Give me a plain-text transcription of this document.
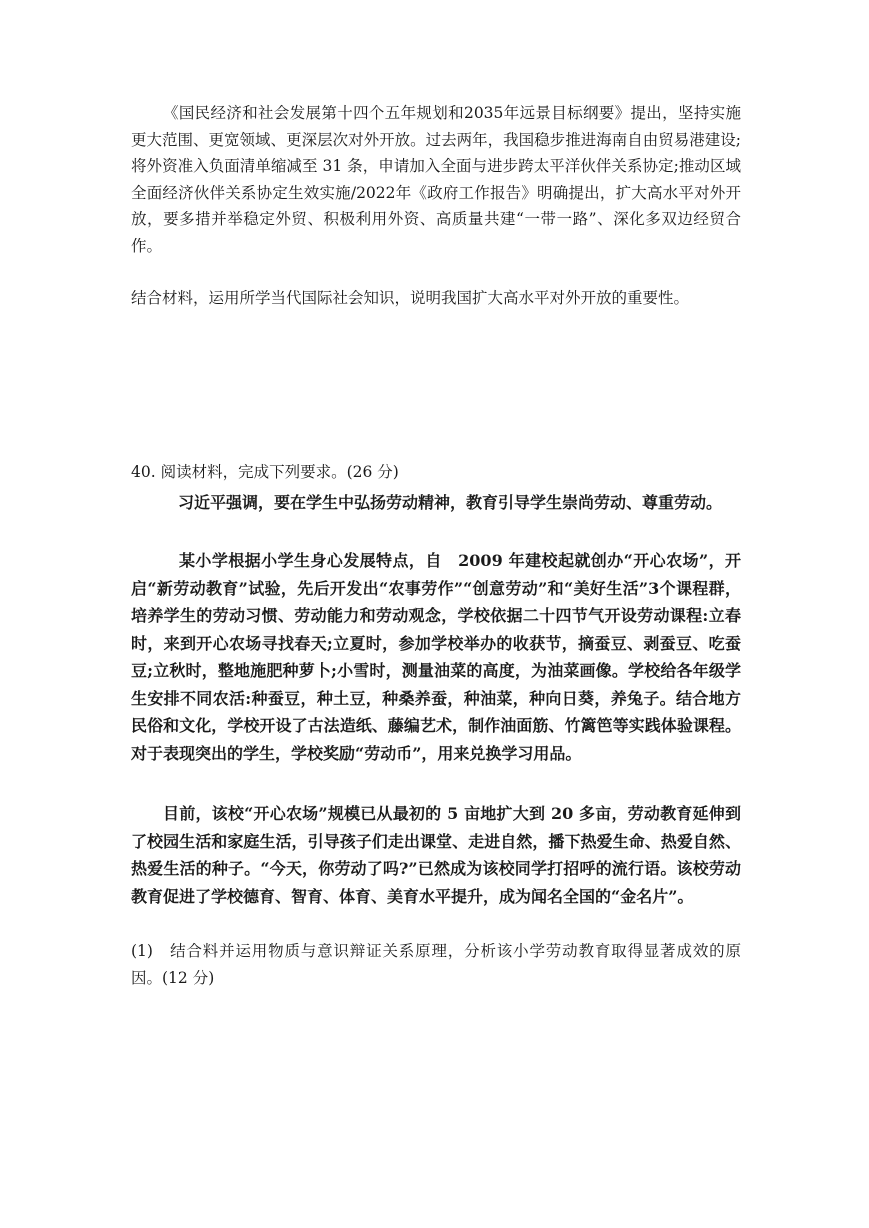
《国民经济和社会发展第十四个五年规划和2035年远景目标纲要》提出，坚持实施更大范围、更宽领域、更深层次对外开放。过去两年，我国稳步推进海南自由贸易港建设;将外资准入负面清单缩减至 31 条，申请加入全面与进步跨太平洋伙伴关系协定;推动区域全面经济伙伴关系协定生效实施/2022年《政府工作报告》明确提出，扩大高水平对外开放，要多措并举稳定外贸、积极利用外资、高质量共建“一带一路”、深化多双边经贸合作。

结合材料，运用所学当代国际社会知识，说明我国扩大高水平对外开放的重要性。

40. 阅读材料，完成下列要求。(26 分)

习近平强调，要在学生中弘扬劳动精神，教育引导学生崇尚劳动、尊重劳动。

某小学根据小学生身心发展特点，自　2009 年建校起就创办“开心农场”，开启“新劳动教育”试验，先后开发出“农事劳作”“创意劳动”和“美好生活”3个课程群，培养学生的劳动习惯、劳动能力和劳动观念，学校依据二十四节气开设劳动课程:立春时，来到开心农场寻找春天;立夏时，参加学校举办的收获节，摘蚕豆、剥蚕豆、吃蚕豆;立秋时，整地施肥种萝卜;小雪时，测量油菜的高度，为油菜画像。学校给各年级学生安排不同农活:种蚕豆，种土豆，种桑养蚕，种油菜，种向日葵，养兔子。结合地方民俗和文化，学校开设了古法造纸、藤编艺术，制作油面筋、竹篱笆等实践体验课程。对于表现突出的学生，学校奖励“劳动币”，用来兑换学习用品。

目前，该校“开心农场”规模已从最初的 5 亩地扩大到 20 多亩，劳动教育延伸到了校园生活和家庭生活，引导孩子们走出课堂、走进自然，播下热爱生命、热爱自然、热爱生活的种子。“今天，你劳动了吗?”已然成为该校同学打招呼的流行语。该校劳动教育促进了学校德育、智育、体育、美育水平提升，成为闻名全国的“金名片”。

(1)　结合料并运用物质与意识辩证关系原理，分析该小学劳动教育取得显著成效的原因。(12 分)
